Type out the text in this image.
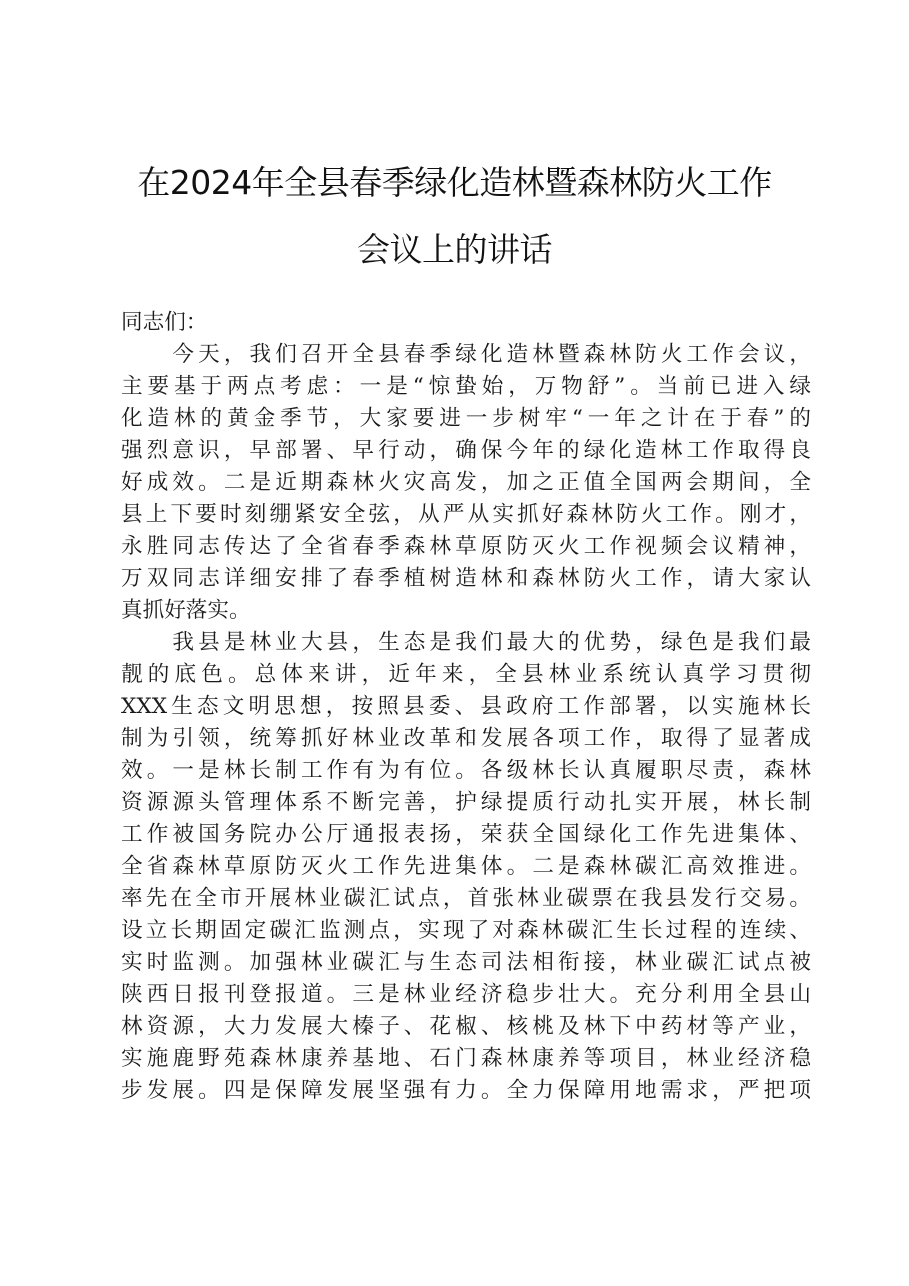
在2024年全县春季绿化造林暨森林防火工作
会议上的讲话

同志们：

　　今天，我们召开全县春季绿化造林暨森林防火工作会议，
主要基于两点考虑：一是“惊蛰始，万物舒”。当前已进入绿
化造林的黄金季节，大家要进一步树牢“一年之计在于春”的
强烈意识，早部署、早行动，确保今年的绿化造林工作取得良
好成效。二是近期森林火灾高发，加之正值全国两会期间，全
县上下要时刻绷紧安全弦，从严从实抓好森林防火工作。刚才，
永胜同志传达了全省春季森林草原防灭火工作视频会议精神，
万双同志详细安排了春季植树造林和森林防火工作，请大家认
真抓好落实。

　　我县是林业大县，生态是我们最大的优势，绿色是我们最
靓的底色。总体来讲，近年来，全县林业系统认真学习贯彻
XXX生态文明思想，按照县委、县政府工作部署，以实施林长
制为引领，统筹抓好林业改革和发展各项工作，取得了显著成
效。一是林长制工作有为有位。各级林长认真履职尽责，森林
资源源头管理体系不断完善，护绿提质行动扎实开展，林长制
工作被国务院办公厅通报表扬，荣获全国绿化工作先进集体、
全省森林草原防灭火工作先进集体。二是森林碳汇高效推进。
率先在全市开展林业碳汇试点，首张林业碳票在我县发行交易。
设立长期固定碳汇监测点，实现了对森林碳汇生长过程的连续、
实时监测。加强林业碳汇与生态司法相衔接，林业碳汇试点被
陕西日报刊登报道。三是林业经济稳步壮大。充分利用全县山
林资源，大力发展大榛子、花椒、核桃及林下中药材等产业，
实施鹿野苑森林康养基地、石门森林康养等项目，林业经济稳
步发展。四是保障发展坚强有力。全力保障用地需求，严把项
